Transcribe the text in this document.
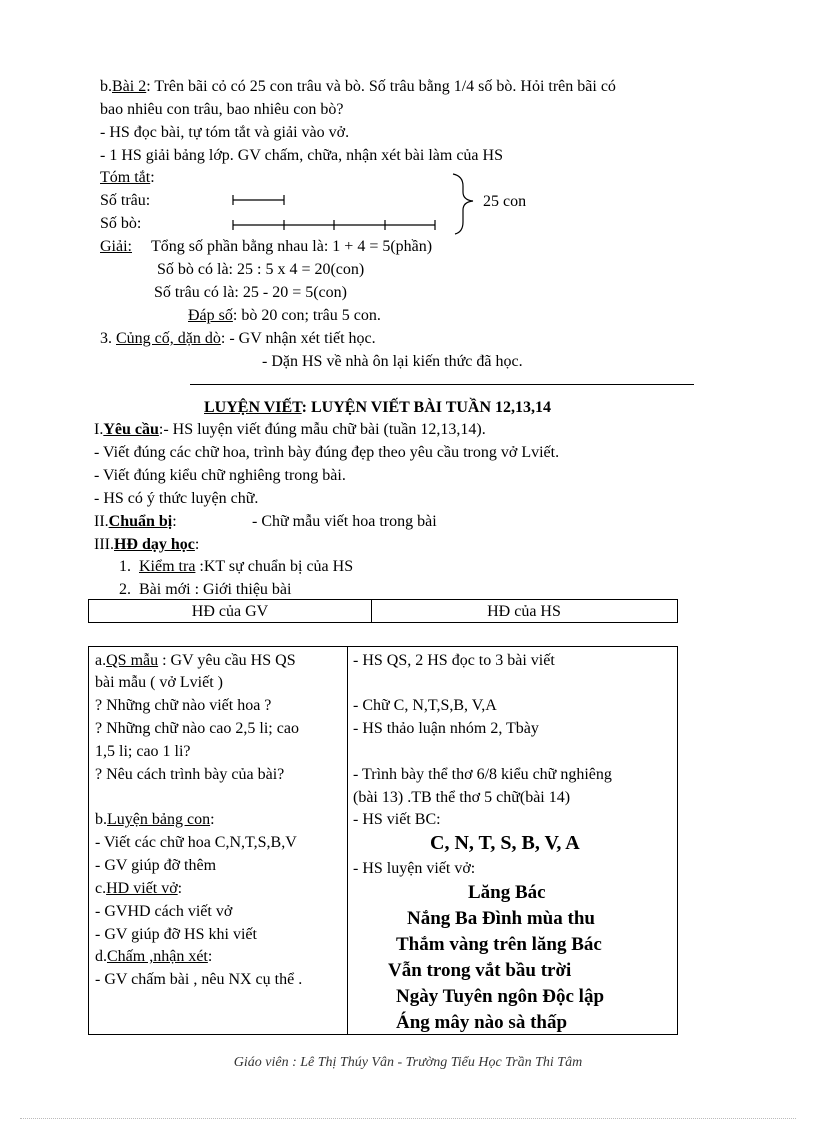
b.Bài 2: Trên bãi cỏ có 25 con trâu và bò. Số trâu bằng 1/4 số bò. Hỏi trên bãi có
bao nhiêu con trâu, bao nhiêu con bò?
- HS đọc bài, tự tóm tắt và giải vào vở.
- 1 HS giải bảng lớp. GV chấm, chữa, nhận xét bài làm của HS
Tóm tắt:
Số trâu:
Số bò:
25 con
Giải: Tổng số phần bằng nhau là: 1 + 4 = 5(phần)
Số bò có là: 25 : 5 x 4 = 20(con)
Số trâu có là: 25 - 20 = 5(con)
Đáp số: bò 20 con; trâu 5 con.
3. Củng cố, dặn dò: - GV nhận xét tiết học.
- Dặn HS về nhà ôn lại kiến thức đã học.
LUYỆN VIẾT: LUYỆN VIẾT BÀI TUẦN 12,13,14
I.Yêu cầu:- HS luyện viết đúng mẫu chữ bài (tuần 12,13,14).
- Viết đúng các chữ hoa, trình bày đúng đẹp theo yêu cầu trong vở Lviết.
- Viết đúng kiểu chữ nghiêng trong bài.
- HS có ý thức luyện chữ.
II.Chuẩn bị:	- Chữ mẫu viết hoa trong bài
III.HĐ dạy học:
1. Kiểm tra :KT sự chuẩn bị của HS
2. Bài mới : Giới thiệu bài
HĐ của GV	HĐ của HS
a.QS mẫu : GV yêu cầu HS QS
bài mẫu ( vở Lviết )
? Những chữ nào viết hoa ?
? Những chữ nào cao 2,5 li; cao
1,5 li; cao 1 li?
? Nêu cách trình bày của bài?
b.Luyện bảng con:
- Viết các chữ hoa C,N,T,S,B,V
- GV giúp đỡ thêm
c.HD viết vở:
- GVHD cách viết vở
- GV giúp đỡ HS khi viết
d.Chấm ,nhận xét:
- GV chấm bài , nêu NX cụ thể .
- HS QS, 2 HS đọc to 3 bài viết
- Chữ C, N,T,S,B, V,A
- HS thảo luận nhóm 2, Tbày
- Trình bày thể thơ 6/8 kiểu chữ nghiêng
(bài 13) .TB thể thơ 5 chữ(bài 14)
- HS viết BC:
C, N, T, S, B, V, A
- HS luyện viết vở:
Lăng Bác
Nắng Ba Đình mùa thu
Thắm vàng trên lăng Bác
Vẫn trong vắt bầu trời
Ngày Tuyên ngôn Độc lập
Áng mây nào sà thấp
Giáo viên : Lê Thị Thúy Vân - Trường Tiểu Học Trần Thi Tâm
